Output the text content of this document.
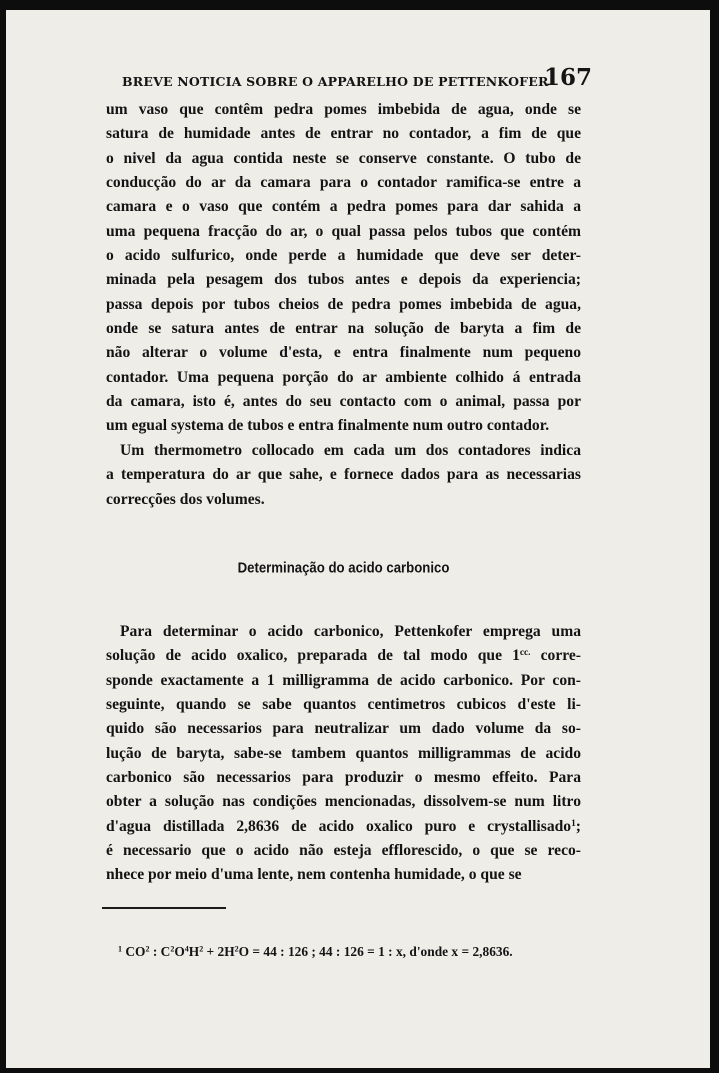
BREVE NOTICIA SOBRE O APPARELHO DE PETTENKOFER
167
um vaso que contêm pedra pomes imbebida de agua, onde se
satura de humidade antes de entrar no contador, a fim de que
o nivel da agua contida neste se conserve constante. O tubo de
conducção do ar da camara para o contador ramifica-se entre a
camara e o vaso que contém a pedra pomes para dar sahida a
uma pequena fracção do ar, o qual passa pelos tubos que contém
o acido sulfurico, onde perde a humidade que deve ser deter-
minada pela pesagem dos tubos antes e depois da experiencia;
passa depois por tubos cheios de pedra pomes imbebida de agua,
onde se satura antes de entrar na solução de baryta a fim de
não alterar o volume d'esta, e entra finalmente num pequeno
contador. Uma pequena porção do ar ambiente colhido á entrada
da camara, isto é, antes do seu contacto com o animal, passa por
um egual systema de tubos e entra finalmente num outro contador.
Um thermometro collocado em cada um dos contadores indica
a temperatura do ar que sahe, e fornece dados para as necessarias
correcções dos volumes.
Determinação do acido carbonico
Para determinar o acido carbonico, Pettenkofer emprega uma
solução de acido oxalico, preparada de tal modo que $1^{cc.}$ corre-
sponde exactamente a 1 milligramma de acido carbonico. Por con-
seguinte, quando se sabe quantos centimetros cubicos d'este li-
quido são necessarios para neutralizar um dado volume da so-
lução de baryta, sabe-se tambem quantos milligrammas de acido
carbonico são necessarios para produzir o mesmo effeito. Para
obter a solução nas condições mencionadas, dissolvem-se num litro
d'agua distillada 2,8636 de acido oxalico puro e crystallisado$^1$;
é necessario que o acido não esteja efflorescido, o que se reco-
nhece por meio d'uma lente, nem contenha humidade, o que se
$^1$ $CO^2$ : $C^2O^4H^2 + 2H^2O = 44$ : 126 ; 44 : 126 = 1 : x, d'onde x = 2,8636.
